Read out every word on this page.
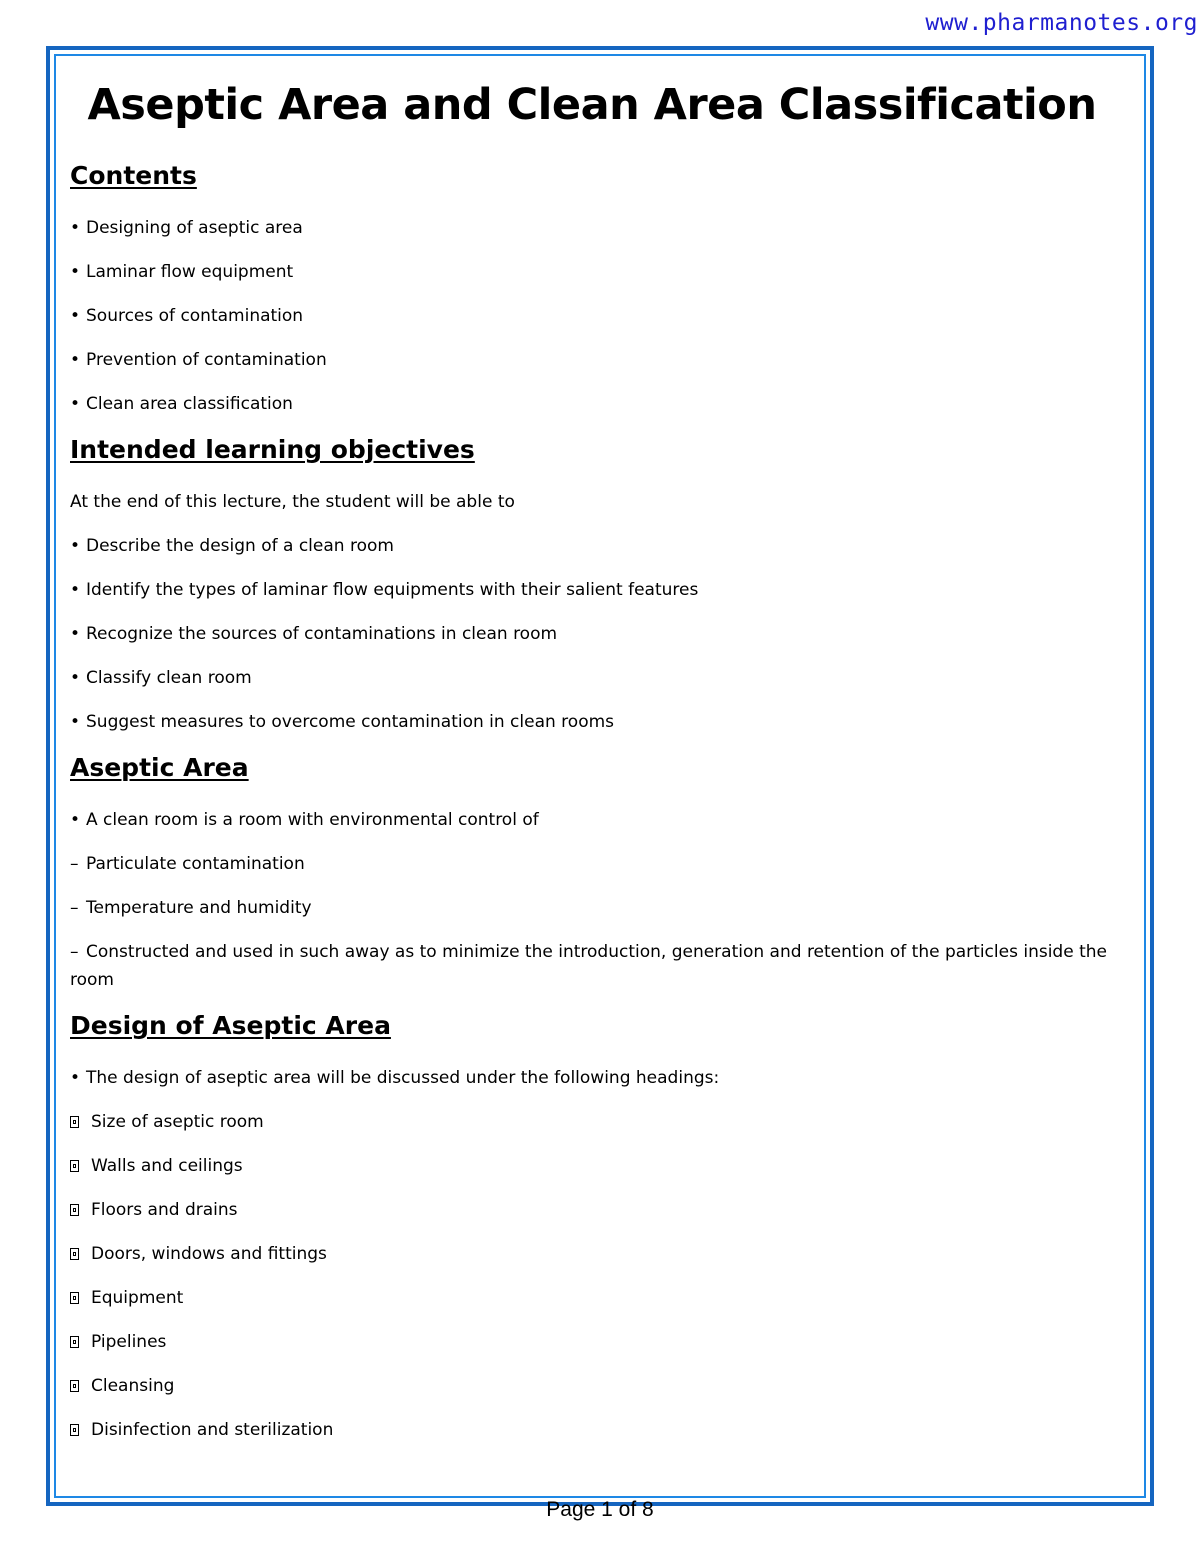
www.pharmanotes.org
Aseptic Area and Clean Area Classification
Contents

• Designing of aseptic area

• Laminar flow equipment

• Sources of contamination

• Prevention of contamination

• Clean area classification

Intended learning objectives

At the end of this lecture, the student will be able to

• Describe the design of a clean room

• Identify the types of laminar flow equipments with their salient features

• Recognize the sources of contaminations in clean room

• Classify clean room

• Suggest measures to overcome contamination in clean rooms

Aseptic Area

• A clean room is a room with environmental control of

– Particulate contamination

– Temperature and humidity

– Constructed and used in such away as to minimize the introduction, generation and retention of the particles inside the room

Design of Aseptic Area

• The design of aseptic area will be discussed under the following headings:

Size of aseptic room

Walls and ceilings

Floors and drains

Doors, windows and fittings

Equipment

Pipelines

Cleansing

Disinfection and sterilization

Page 1 of 8
